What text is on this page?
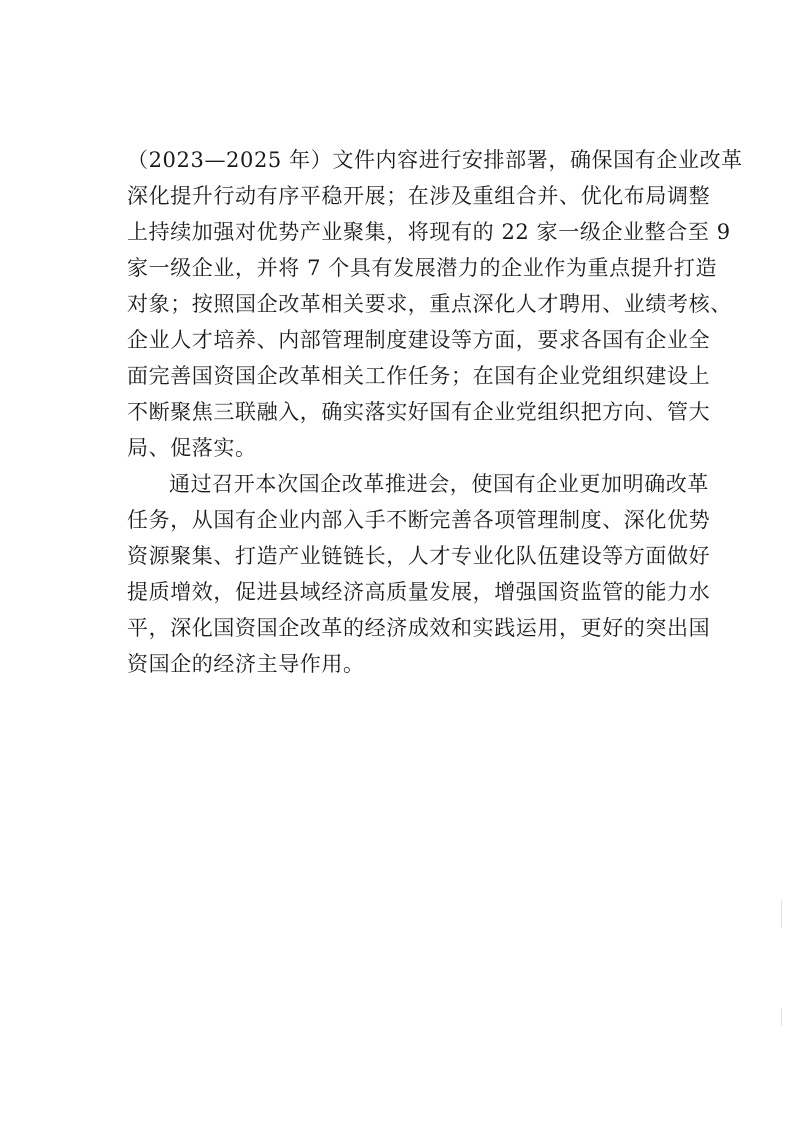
（2023—2025 年）文件内容进行安排部署，确保国有企业改革
深化提升行动有序平稳开展；在涉及重组合并、优化布局调整
上持续加强对优势产业聚集，将现有的 22 家一级企业整合至 9
家一级企业，并将 7 个具有发展潜力的企业作为重点提升打造
对象；按照国企改革相关要求，重点深化人才聘用、业绩考核、
企业人才培养、内部管理制度建设等方面，要求各国有企业全
面完善国资国企改革相关工作任务；在国有企业党组织建设上
不断聚焦三联融入，确实落实好国有企业党组织把方向、管大
局、促落实。
通过召开本次国企改革推进会，使国有企业更加明确改革
任务，从国有企业内部入手不断完善各项管理制度、深化优势
资源聚集、打造产业链链长，人才专业化队伍建设等方面做好
提质增效，促进县域经济高质量发展，增强国资监管的能力水
平，深化国资国企改革的经济成效和实践运用，更好的突出国
资国企的经济主导作用。
